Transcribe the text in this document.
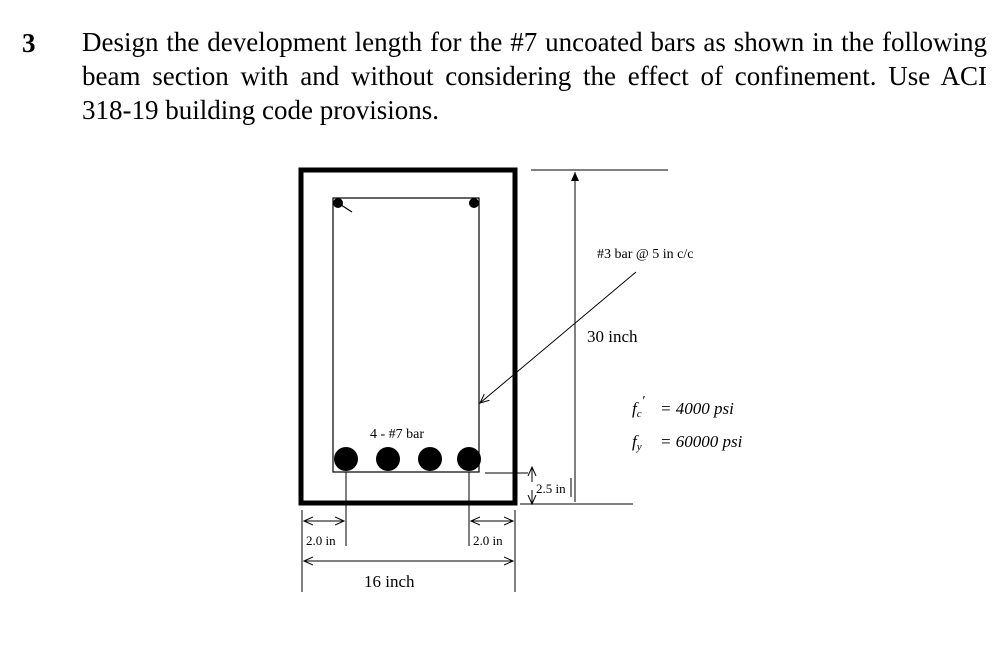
3 Design the development length for the #7 uncoated bars as shown in the following beam section with and without considering the effect of confinement. Use ACI 318-19 building code provisions.

4 - #7 bar
#3 bar @ 5 in c/c
30 inch
fc′ = 4000 psi
fy = 60000 psi
2.5 in
2.0 in	2.0 in
16 inch
